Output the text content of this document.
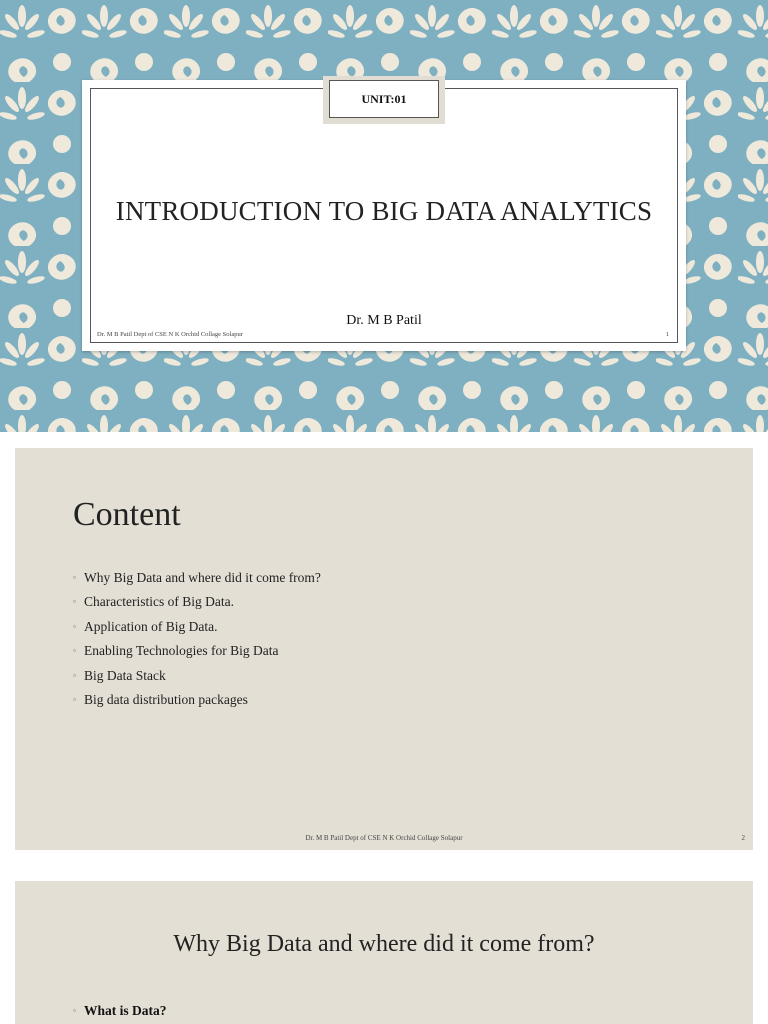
UNIT:01
INTRODUCTION TO BIG DATA ANALYTICS
Dr. M B Patil
Dr. M B Patil Dept of CSE N K Orchid Collage Solapur	1
Content
▫ Why Big Data and where did it come from?
▫ Characteristics of Big Data.
▫ Application of Big Data.
▫ Enabling Technologies for Big Data
▫ Big Data Stack
▫ Big data distribution packages
Dr. M B Patil Dept of CSE N K Orchid Collage Solapur	2
Why Big Data and where did it come from?
▫ What is Data?
